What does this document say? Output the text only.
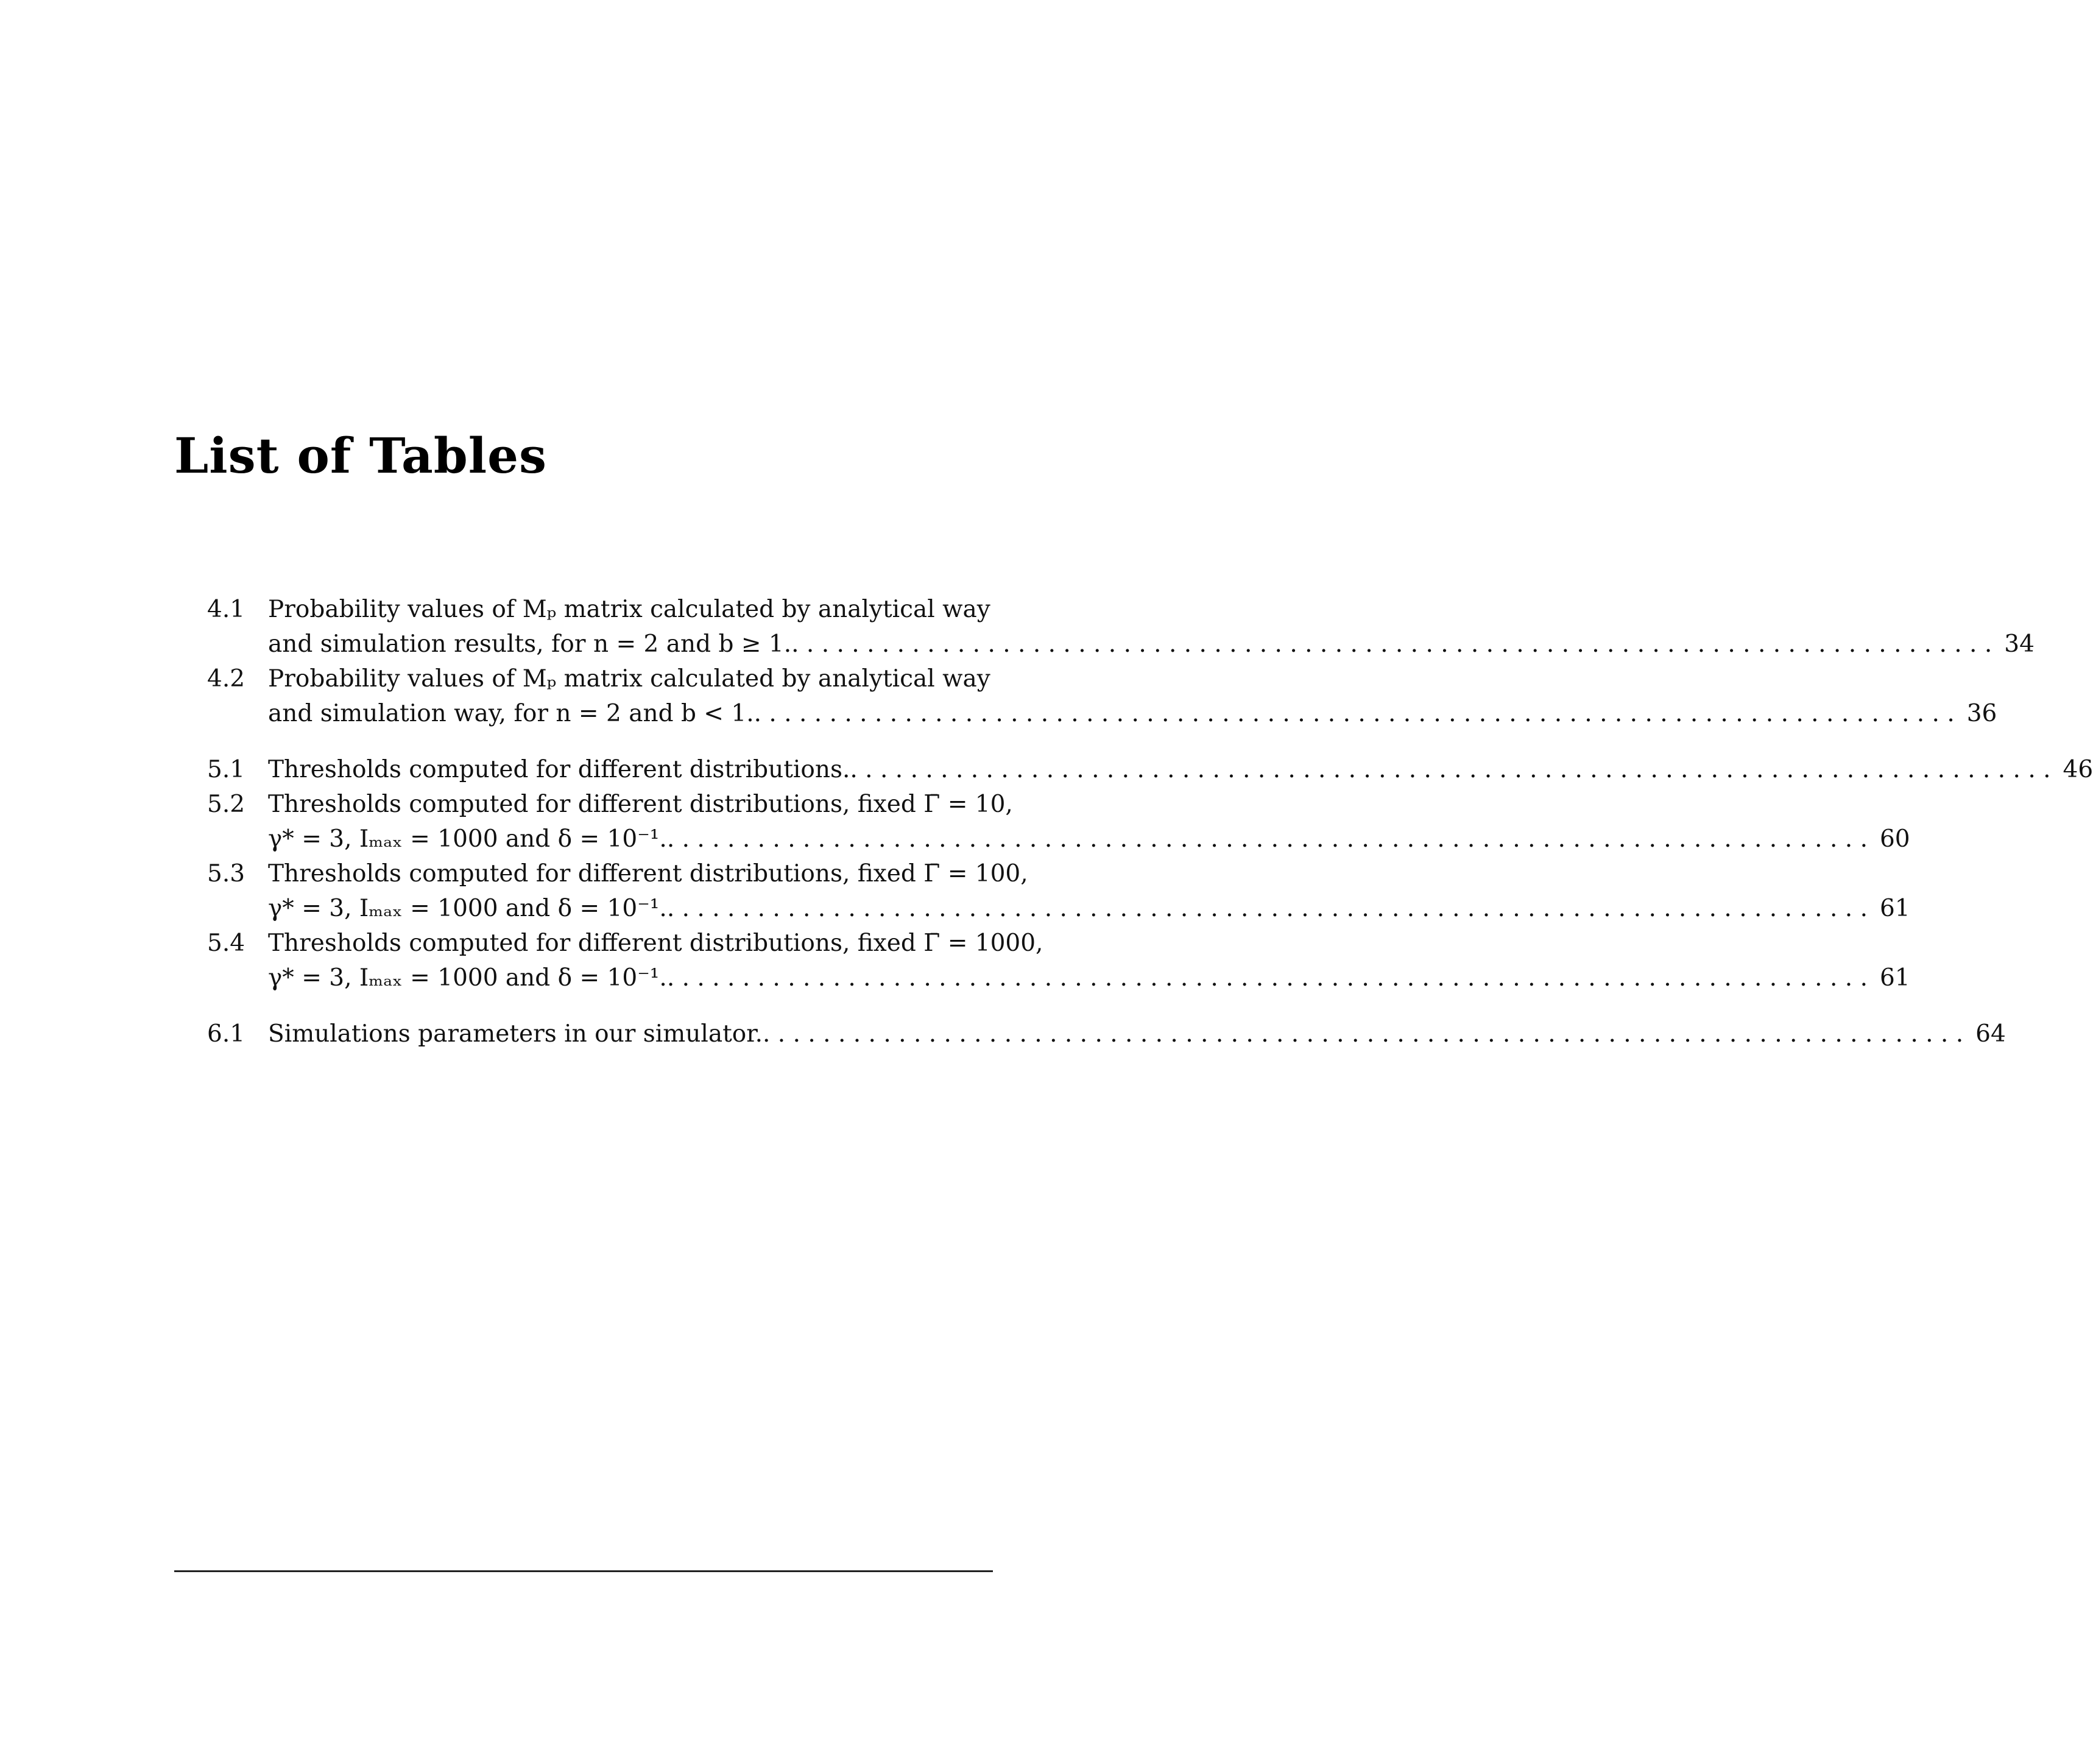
List of Tables
4.1 Probability values of Mₚ matrix calculated by analytical way
and simulation results, for n = 2 and b ≥ 1. . . . . . . . . . . . . . . . . . . . . . . . . . . . . . . . . . . . . . . . . . . . . . . . . . . . . . . . . . . . . . . . . . . . . . . . . . . . . . . . . 34
4.2 Probability values of Mₚ matrix calculated by analytical way
and simulation way, for n = 2 and b < 1. . . . . . . . . . . . . . . . . . . . . . . . . . . . . . . . . . . . . . . . . . . . . . . . . . . . . . . . . . . . . . . . . . . . . . . . . . . . . . . . . 36
5.1 Thresholds computed for different distributions. . . . . . . . . . . . . . . . . . . . . . . . . . . . . . . . . . . . . . . . . . . . . . . . . . . . . . . . . . . . . . . . . . . . . . . . . . . . . . . . . 46
5.2 Thresholds computed for different distributions, fixed Γ̄ = 10,
γ* = 3, Iₘₐₓ = 1000 and δ = 10⁻¹. . . . . . . . . . . . . . . . . . . . . . . . . . . . . . . . . . . . . . . . . . . . . . . . . . . . . . . . . . . . . . . . . . . . . . . . . . . . . . . . . 60
5.3 Thresholds computed for different distributions, fixed Γ̄ = 100,
γ* = 3, Iₘₐₓ = 1000 and δ = 10⁻¹. . . . . . . . . . . . . . . . . . . . . . . . . . . . . . . . . . . . . . . . . . . . . . . . . . . . . . . . . . . . . . . . . . . . . . . . . . . . . . . . . 61
5.4 Thresholds computed for different distributions, fixed Γ̄ = 1000,
γ* = 3, Iₘₐₓ = 1000 and δ = 10⁻¹. . . . . . . . . . . . . . . . . . . . . . . . . . . . . . . . . . . . . . . . . . . . . . . . . . . . . . . . . . . . . . . . . . . . . . . . . . . . . . . . . 61
6.1 Simulations parameters in our simulator. . . . . . . . . . . . . . . . . . . . . . . . . . . . . . . . . . . . . . . . . . . . . . . . . . . . . . . . . . . . . . . . . . . . . . . . . . . . . . . . . 64
